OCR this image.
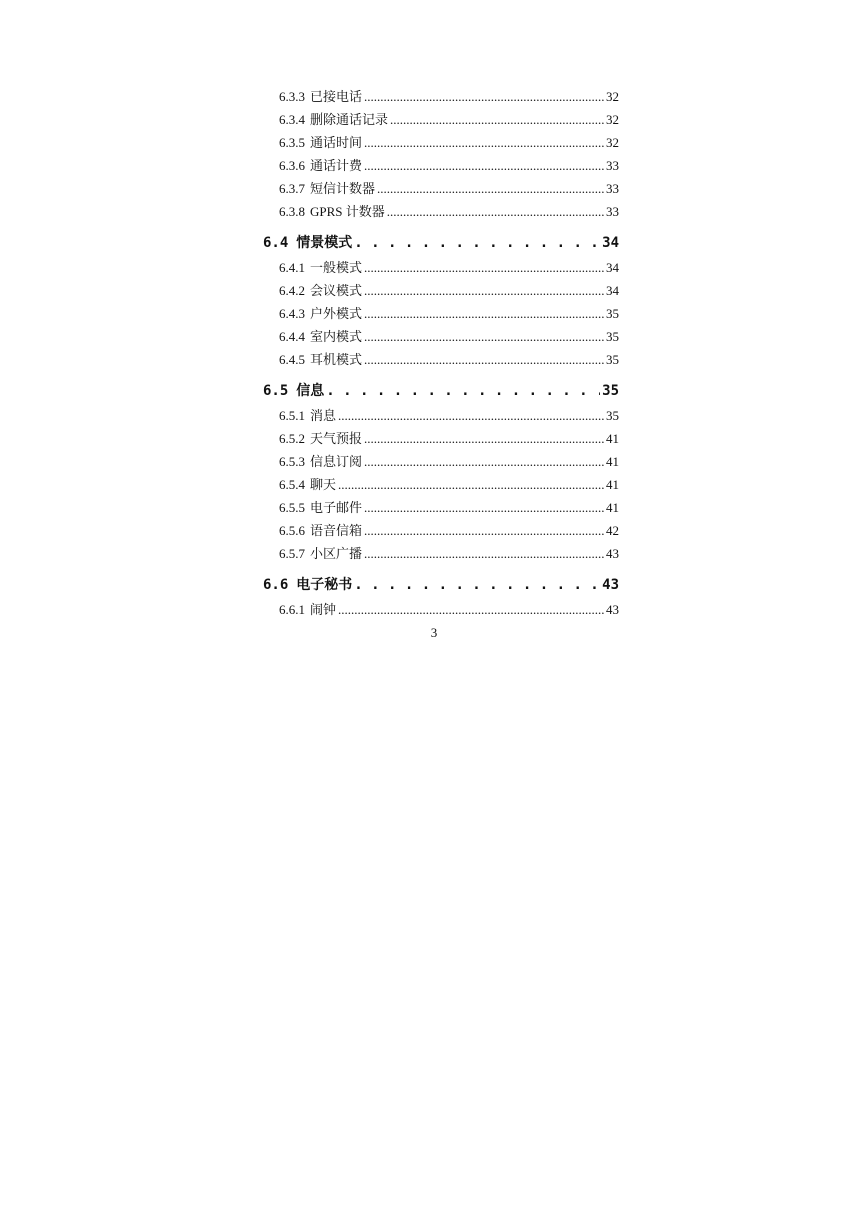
6.3.3 已接电话 .....	32
6.3.4 删除通话记录 .....	32
6.3.5 通话时间 .....	32
6.3.6 通话计费 .....	33
6.3.7 短信计数器 .....	33
6.3.8 GPRS 计数器 .....	33
6.4 情景模式 . . .	34
6.4.1 一般模式 .....	34
6.4.2 会议模式 .....	34
6.4.3 户外模式 .....	35
6.4.4 室内模式 .....	35
6.4.5 耳机模式 .....	35
6.5 信息 . . .	35
6.5.1 消息 .....	35
6.5.2 天气预报 .....	41
6.5.3 信息订阅 .....	41
6.5.4 聊天 .....	41
6.5.5 电子邮件 .....	41
6.5.6 语音信箱 .....	42
6.5.7 小区广播 .....	43
6.6 电子秘书 . . .	43
6.6.1 闹钟 .....	43
3
